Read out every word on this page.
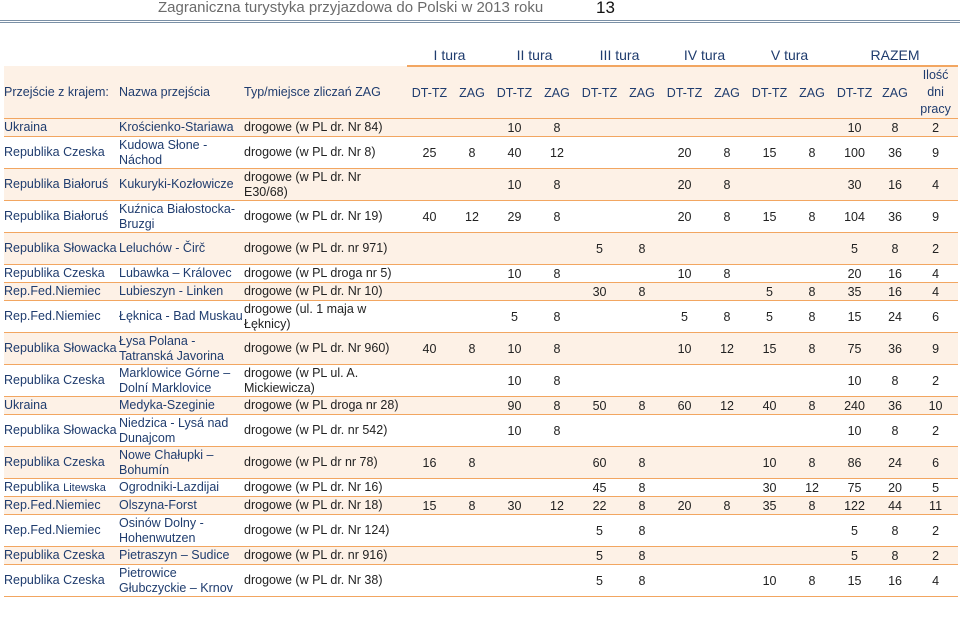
Zagraniczna turystyka przyjazdowa do Polski w 2013 roku	13
			I tura		II tura		III tura		IV tura		V tura		RAZEM		
Przejście z krajem:	Nazwa przejścia	Typ/miejsce zliczań ZAG	DT-TZ	ZAG	DT-TZ	ZAG	DT-TZ	ZAG	DT-TZ	ZAG	DT-TZ	ZAG	DT-TZ	ZAG	Ilość dni pracy
Ukraina	Krościenko-Stariawa	drogowe (w PL dr. Nr 84)			10	8							10	8	2
Republika Czeska	Kudowa Słone - Náchod	drogowe (w PL dr. Nr 8)	25	8	40	12			20	8	15	8	100	36	9
Republika Białoruś	Kukuryki-Kozłowicze	drogowe (w PL dr. Nr E30/68)			10	8			20	8			30	16	4
Republika Białoruś	Kuźnica Białostocka-Bruzgi	drogowe (w PL dr. Nr 19)	40	12	29	8			20	8	15	8	104	36	9
Republika Słowacka	Leluchów - Čirč	drogowe (w PL dr. nr 971)					5	8					5	8	2
Republika Czeska	Lubawka – Královec	drogowe (w PL droga nr 5)			10	8			10	8			20	16	4
Rep.Fed.Niemiec	Lubieszyn - Linken	drogowe (w PL dr. Nr 10)					30	8			5	8	35	16	4
Rep.Fed.Niemiec	Łęknica - Bad Muskau	drogowe (ul. 1 maja w Łęknicy)			5	8			5	8	5	8	15	24	6
Republika Słowacka	Łysa Polana - Tatranská Javorina	drogowe (w PL dr. Nr 960)	40	8	10	8			10	12	15	8	75	36	9
Republika Czeska	Marklowice Górne – Dolní Marklovice	drogowe (w PL ul. A. Mickiewicza)			10	8							10	8	2
Ukraina	Medyka-Szeginie	drogowe (w PL droga nr 28)			90	8	50	8	60	12	40	8	240	36	10
Republika Słowacka	Niedzica - Lysá nad Dunajcom	drogowe (w PL dr. nr 542)			10	8							10	8	2
Republika Czeska	Nowe Chałupki – Bohumín	drogowe (w PL dr nr 78)	16	8			60	8			10	8	86	24	6
Republika Litewska	Ogrodniki-Lazdijai	drogowe (w PL dr. Nr 16)					45	8			30	12	75	20	5
Rep.Fed.Niemiec	Olszyna-Forst	drogowe (w PL dr. Nr 18)	15	8	30	12	22	8	20	8	35	8	122	44	11
Rep.Fed.Niemiec	Osinów Dolny - Hohenwutzen	drogowe (w PL dr. Nr 124)					5	8					5	8	2
Republika Czeska	Pietraszyn – Sudice	drogowe (w PL dr. nr 916)					5	8					5	8	2
Republika Czeska	Pietrowice Głubczyckie – Krnov	drogowe (w PL dr. Nr 38)					5	8			10	8	15	16	4
